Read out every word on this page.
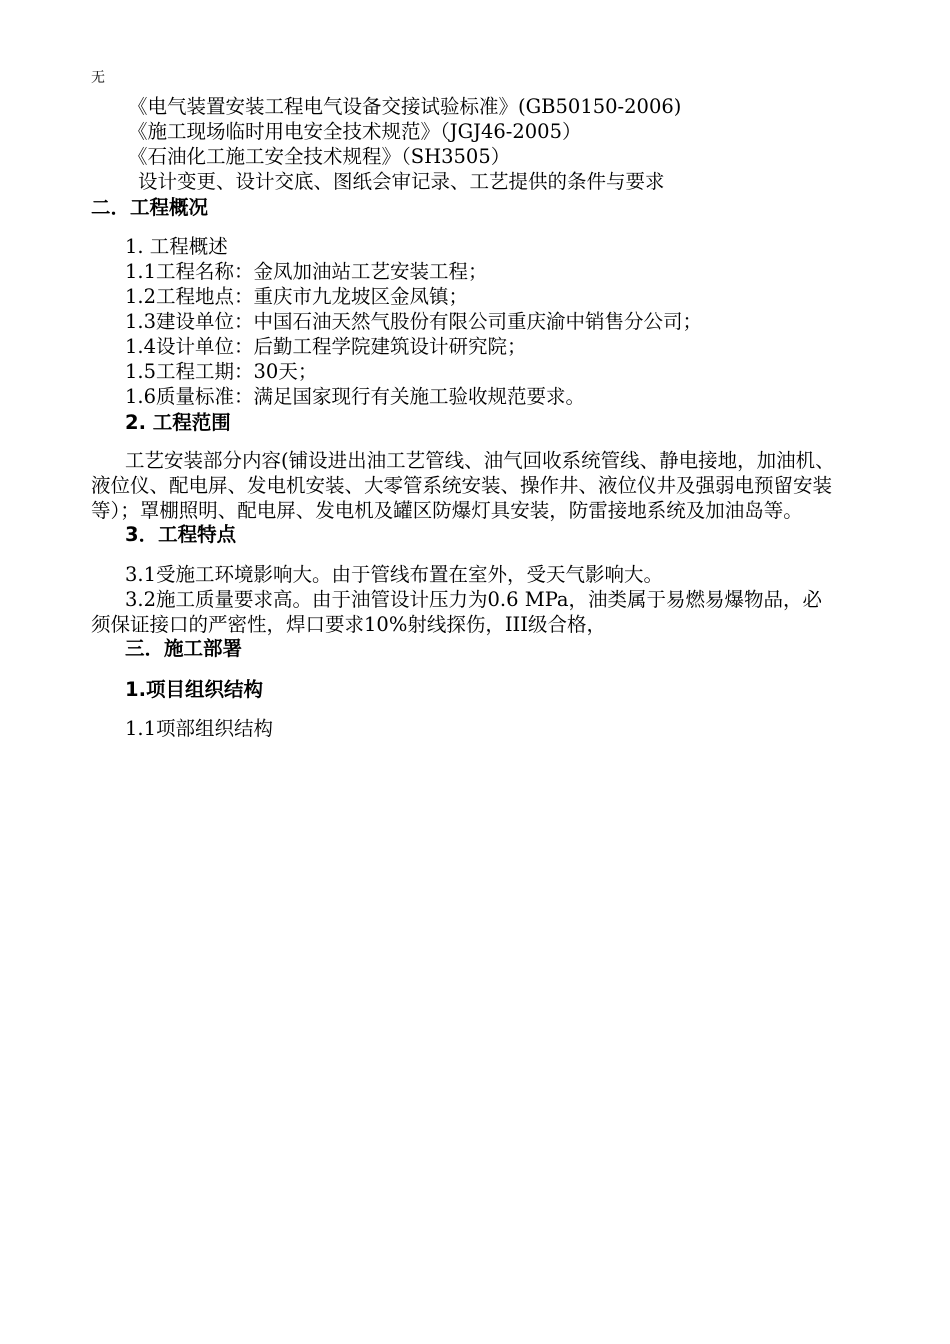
无
《电气装置安装工程电气设备交接试验标准》(GB50150-2006)
《施工现场临时用电安全技术规范》（JGJ46-2005）
《石油化工施工安全技术规程》（SH3505）
设计变更、设计交底、图纸会审记录、工艺提供的条件与要求
二．工程概况
1. 工程概述
1.1工程名称：金凤加油站工艺安装工程；
1.2工程地点：重庆市九龙坡区金凤镇；
1.3建设单位：中国石油天然气股份有限公司重庆渝中销售分公司；
1.4设计单位：后勤工程学院建筑设计研究院；
1.5工程工期：30天；
1.6质量标准：满足国家现行有关施工验收规范要求。
2. 工程范围
工艺安装部分内容(铺设进出油工艺管线、油气回收系统管线、静电接地，加油机、
液位仪、配电屏、发电机安装、大零管系统安装、操作井、液位仪井及强弱电预留安装
等）；罩棚照明、配电屏、发电机及罐区防爆灯具安装，防雷接地系统及加油岛等。
3．工程特点
3.1受施工环境影响大。由于管线布置在室外，受天气影响大。
3.2施工质量要求高。由于油管设计压力为0.6 MPa，油类属于易燃易爆物品，必
须保证接口的严密性，焊口要求10%射线探伤，III级合格，
三．施工部署
1.项目组织结构
1.1项部组织结构
